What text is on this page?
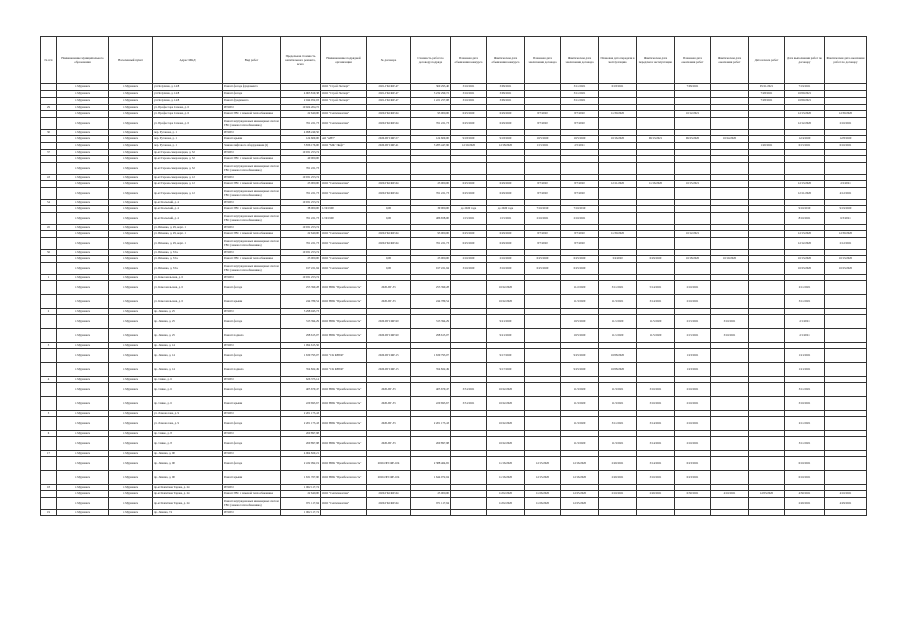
№ п/п	Наименование муниципального образования	Населенный пункт	Адрес МКД	Вид работ	Предельная стоимость капитального ремонта, всего	Наименование подрядной организации	№ договора	Стоимость работ по договору подряда	Плановая дата объявления конкурса	Фактическая дата объявления конкурса	Плановая дата заключения договора	Фактическая дата заключения договора	Плановая дата передачи в эксплуатацию	Фактическая дата передачи в эксплуатацию	Плановая дата окончания работ	Фактическая дата окончания работ	Дата начала работ	Дата выполнения работ по договору	Фактическая дата окончания работ по договору
	г. Мурманск	г. Мурманск	ул.Полухина, д. 14/8	Ремонт фасада фундамента		ООО "Строй Эксперт"	2021-ГКСФР-47	369 293,40	3/16/2021	3/09/2021		3/11/2021	6/18/2021		7/09/2021		05/21/2021	7/19/2021	
	г. Мурманск	г. Мурманск	ул.Полухина, д. 14/8	Ремонт фасада	4 963 819,38	ООО "Строй Эксперт"	2021-ГКСФР-47	3 232 299,72	3/16/2021	3/09/2021		3/11/2021					7/28/2021	10/09/2021	
	г. Мурманск	г. Мурманск	ул.Полухина, д. 14/8	Ремонт фундамента	2 044 952,03	ООО "Строй Эксперт"	2021-ГКСФР-47	1 221 257,08	3/16/2021	3/09/2021		3/11/2021					7/28/2021	10/09/2021	
29	г. Мурманск	г. Мурманск	ул. Профессора Сомова, д. 6	ИТОГО	10 924 204,72														
	г. Мурманск	г. Мурманск	ул. Профессора Сомова, д. 6	Ремонт ГВС с заменой теплообменника	22 649,00	ООО "Севтехмонтаж"	2020-ГКСФР-64	93 000,00	6/25/2020	6/29/2020	8/7/2020	8/7/2020	11/30/2020		10/12/2021			12/13/2020	12/30/2020
	г. Мурманск	г. Мурманск	ул. Профессора Сомова, д. 6	Ремонт внутридомовых инженерных систем ГВС (замена теплообменника)	761 221,73	ООО "Севтехмонтаж"	2020-ГКСФР-64	761 221,73	6/25/2020	6/29/2020	8/7/2020	8/7/2020						12/12/2020	2/16/2021
30	г. Мурманск	г. Мурманск	пер. Русанова, д. 1	ИТОГО	4 998 240,50														
	г. Мурманск	г. Мурманск	пер. Русанова, д. 1	Ремонт крыши	124 609,00	АО "АНТ"	2020-ПГСФР-57	124 609,00	9/18/2020	9/18/2020	10/5/2020	10/5/2020	10/16/2020	06/13/2021	06/23/2020	10/24/2020		12/4/2020	12/8/2020
	г. Мурманск	г. Мурманск	пер. Русанова, д. 1	Замена лифтового оборудования (2)	3 836 176,00	ООО "МК "Лифт"	2020-ПГСФР-41	3 283 447,96	12/19/2020	12/18/2020	1/15/2021	2/5/2021					1/20/2021	6/15/2021	6/16/2021
37	г. Мурманск	г. Мурманск	пр-кт Героев-североморцев, д. 32	ИТОГО	10 931 253,74														
	г. Мурманск	г. Мурманск	пр-кт Героев-североморцев, д. 32	Ремонт ГВС с заменой теплообменника	40 000,00														
	г. Мурманск	г. Мурманск	пр-кт Героев-североморцев, д. 32	Ремонт внутридомовых инженерных систем ГВС (замена теплообменника)	761 221,73														
43	г. Мурманск	г. Мурманск	пр-кт Героев-североморцев, д. 12	ИТОГО	10 931 253,74														
	г. Мурманск	г. Мурманск	пр-кт Героев-североморцев, д. 12	Ремонт ГВС с заменой теплообменника	23 000,00	ООО "Севтехмонтаж"	2020-ГКСФР-64	23 000,00	6/25/2020	6/29/2020	8/7/2020	8/7/2020	12/11/2020	11/16/2020	10/15/2021			12/13/2020	2/2/2021
	г. Мурманск	г. Мурманск	пр-кт Героев-североморцев, д. 12	Ремонт внутридомовых инженерных систем ГВС (замена теплообменника)	761 221,73	ООО "Севтехмонтаж"	2020-ГКСФР-64	761 221,73	6/25/2020	6/29/2020	8/7/2020	8/7/2020						12/11/2020	4/12/2021
54	г. Мурманск	г. Мурманск	пр-кт Кольский, д. 4	ИТОГО	10 931 253,74														
	г. Мурманск	г. Мурманск	пр-кт Кольский, д. 4	Ремонт ГВС с заменой теплообменника	38 000,00	1/19/1900	0,00	39 000,00	до 2020 года	до 2020 года	7/16/2019	7/16/2019						9/16/2019	9/19/2020
	г. Мурманск	г. Мурманск	пр-кт Кольский, д. 4	Ремонт внутридомовых инженерных систем ГВС (замена теплообменника)	761 221,73	1/19/1900	0,00	486 658,00	1/15/2021	1/15/2021	2/16/2021	2/16/2021						8/16/2021	6/3/2021
45	г. Мурманск	г. Мурманск	ул. Ивченко, д. 29, корп. 1	ИТОГО	10 931 253,74														
	г. Мурманск	г. Мурманск	ул. Ивченко, д. 29, корп. 1	Ремонт ГВС с заменой теплообменника	22 649,00	ООО "Севтехмонтаж"	2020-ГКСФР-64	93 000,00	6/25/2020	6/29/2020	8/7/2020	8/7/2020	11/30/2020		10/12/2021			12/13/2020	12/30/2020
	г. Мурманск	г. Мурманск	ул. Ивченко, д. 29, корп. 1	Ремонт внутридомовых инженерных систем ГВС (замена теплообменника)	761 221,73	ООО "Севтехмонтаж"	2020-ГКСФР-64	761 221,73	6/25/2020	6/29/2020	8/7/2020	8/7/2020						12/12/2020	2/12/2021
56	г. Мурманск	г. Мурманск	ул. Ивченко, д. 33 к	ИТОГО	10 931 253,74														
	г. Мурманск	г. Мурманск	ул. Ивченко, д. 33 к	Ремонт ГВС с заменой теплообменника	23 000,00	ООО "Севтехмонтаж"	0,00	23 000,00	2/16/2020	2/16/2020	6/25/2020	6/25/2020	3/4/2020	6/29/2020	10/18/2020	10/19/2020		10/13/2020	10/13/2020
	г. Мурманск	г. Мурманск	ул. Ивченко, д. 33 к	Ремонт внутридомовых инженерных систем ГВС (замена теплообменника)	917 221,94	ООО "Севтехмонтаж"	0,00	917 221,94	3/16/2020	3/16/2020	6/25/2020	6/25/2020						10/23/2020	10/23/2020
1	г. Мурманск	г. Мурманск	ул. Комсомольская, д. 6	ИТОГО	10 931 253,74														
	г. Мурманск	г. Мурманск	ул. Комсомольская, д. 6	Ремонт фасада	253 399,28	ООО НПК "Промбезопасность"	2020-ПГ-55	253 399,28		10/22/2020		11/2/2020	3/11/2021	5/14/2021	2/16/2021			2/11/2021	
	г. Мурманск	г. Мурманск	ул. Комсомольская, д. 6	Ремонт крыши	244 789,54	ООО НПК "Промбезопасность"	2020-ПГ-55	244 789,54		10/22/2020		11/3/2020	11/3/2021	3/14/2021	2/16/2021			3/11/2021	
2	г. Мурманск	г. Мурманск	пр. Ленина, д. 25	ИТОГО	5 298 043,73														
	г. Мурманск	г. Мурманск	пр. Ленина, д. 25	Ремонт фасада	313 394,29	ООО НПК "Промбезопасность"	2020-ПГСФР-90	313 394,29		9/21/2020		10/5/2020	11/1/2020	11/5/2020	2/15/2021	3/16/2021		2/1/2021	
	г. Мурманск	г. Мурманск	пр. Ленина, д. 25	Ремонт подвала	298 615,07	ООО НПК "Промбезопасность"	2020-ПГСФР-90	298 615,07		9/21/2020		10/5/2020	11/1/2020	11/5/2020	2/15/2021	3/16/2021		2/1/2021	
3	г. Мурманск	г. Мурманск	пр. Ленина, д. 14	ИТОГО	1 994 615,56														
	г. Мурманск	г. Мурманск	пр. Ленина, д. 14	Ремонт фасада	1 639 793,07	ООО "СК КРПФ"	2020-ПГСФР-15	1 639 793,07		9/17/2020		9/25/2020	10/08/2020		1/23/2021			1/21/2021	
	г. Мурманск	г. Мурманск	пр. Ленина, д. 14	Ремонт подвала	354 822,49	ООО "СК КРПФ"	2020-ПГСФР-15	354 822,49		9/17/2020		9/25/2020	10/08/2020		1/23/2021			1/21/2021	
4	г. Мурманск	г. Мурманск	пр. Сивко, д. 6	ИТОГО	626 373,14														
	г. Мурманск	г. Мурманск	пр. Сивко, д. 6	Ремонт фасада	405 679,47	ООО НПК "Промбезопасность"	2020-ПГ-55	405 679,47	3/31/2021	10/22/2020		11/3/2020	11/3/2021	3/16/2021	2/16/2021			3/11/2021	
	г. Мурманск	г. Мурманск	пр. Сивко, д. 6	Ремонт крыши	220 693,67	ООО НПК "Промбезопасность"	2020-ПГ-55	220 693,67	3/31/2021	10/22/2020		11/3/2020	11/3/2021	3/16/2021	2/16/2021			3/16/2021	
5	г. Мурманск	г. Мурманск	ул. Ломоносова, д. 9	ИТОГО	2 201 173,43														
	г. Мурманск	г. Мурманск	ул. Ломоносова, д. 9	Ремонт фасада	2 201 173,43	ООО НПК "Промбезопасность"	2020-ПГ-55	2 201 173,43		10/22/2020		11/3/2020	3/11/2021	3/14/2021	2/16/2021			2/11/2021	
6	г. Мурманск	г. Мурманск	пр. Сивко, д. 8	ИТОГО	260 897,98														
	г. Мурманск	г. Мурманск	пр. Сивко, д. 8	Ремонт фасада	260 897,98	ООО НПК "Промбезопасность"	2020-ПГ-55	260 897,98		10/22/2020		11/3/2020	11/3/2021	3/14/2021	2/16/2021			3/11/2021	
17	г. Мурманск	г. Мурманск	пр. Ленина, д. 90	ИТОГО	4 064 829,21														
	г. Мурманск	г. Мурманск	пр. Ленина, д. 90	Ремонт фасада	2 432 092,19	ООО НПК "Промбезопасность"	2020-ПГСФР-104	2 388 464,65		11/16/2020	12/15/2020	12/16/2020	2/26/2021	3/14/2021	6/23/2021			6/16/2021	
	г. Мурманск	г. Мурманск	пр. Ленина, д. 90	Ремонт крыши	1 631 767,90	ООО НПК "Промбезопасность"	2020-ПГСФР-104	1 644 072,04		11/16/2020	12/15/2020	12/16/2020	2/26/2021	3/16/2021	6/23/2021			6/16/2021	
18	г. Мурманск	г. Мурманск	пр-кт Капитана Тарана, д. 24	ИТОГО	1 062 117,74														
	г. Мурманск	г. Мурманск	пр-кт Капитана Тарана, д. 24	Ремонт ГВС с заменой теплообменника	22 649,00	ООО "Севтехмонтаж"	2020-ГКСФР-64	25 000,00		11/02/2020	11/26/2020	12/25/2020	2/16/2021	2/26/2021	6/30/2021	4/16/2021	12/03/2020	4/30/2021	4/16/2021
	г. Мурманск	г. Мурманск	пр-кт Капитана Тарана, д. 24	Ремонт внутридомовых инженерных систем ГВС (замена теплообменника)	971 117,94	ООО "Севтехмонтаж"	2020-ГКСФР-64	971 117,94		11/02/2020	11/26/2020	12/25/2020						2/26/2021	4/29/2021
19	г. Мурманск	г. Мурманск	пр. Ленина, 74	ИТОГО	1 062 117,74														
